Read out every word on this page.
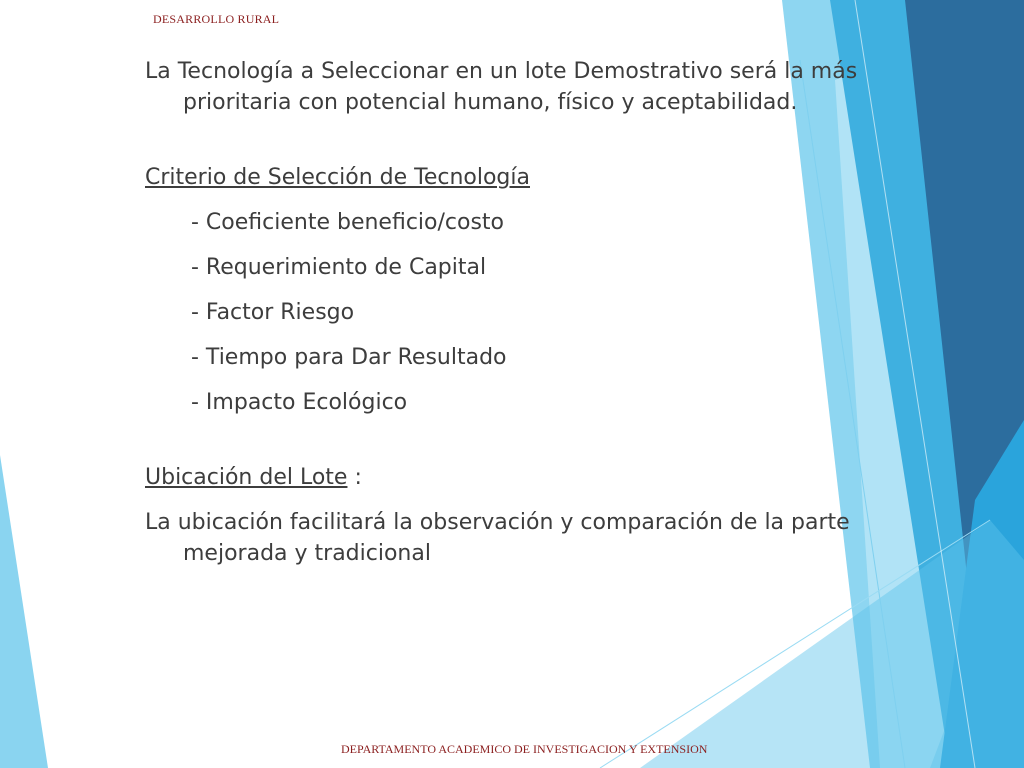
DESARROLLO RURAL

La Tecnología a Seleccionar en un lote Demostrativo será la más prioritaria con potencial humano, físico y aceptabilidad.

Criterio de Selección de Tecnología

- Coeficiente beneficio/costo

- Requerimiento de Capital

- Factor Riesgo

- Tiempo para Dar Resultado

- Impacto Ecológico

Ubicación del Lote :

La ubicación facilitará la observación y comparación de la parte mejorada y tradicional

DEPARTAMENTO ACADEMICO DE INVESTIGACION Y EXTENSION
